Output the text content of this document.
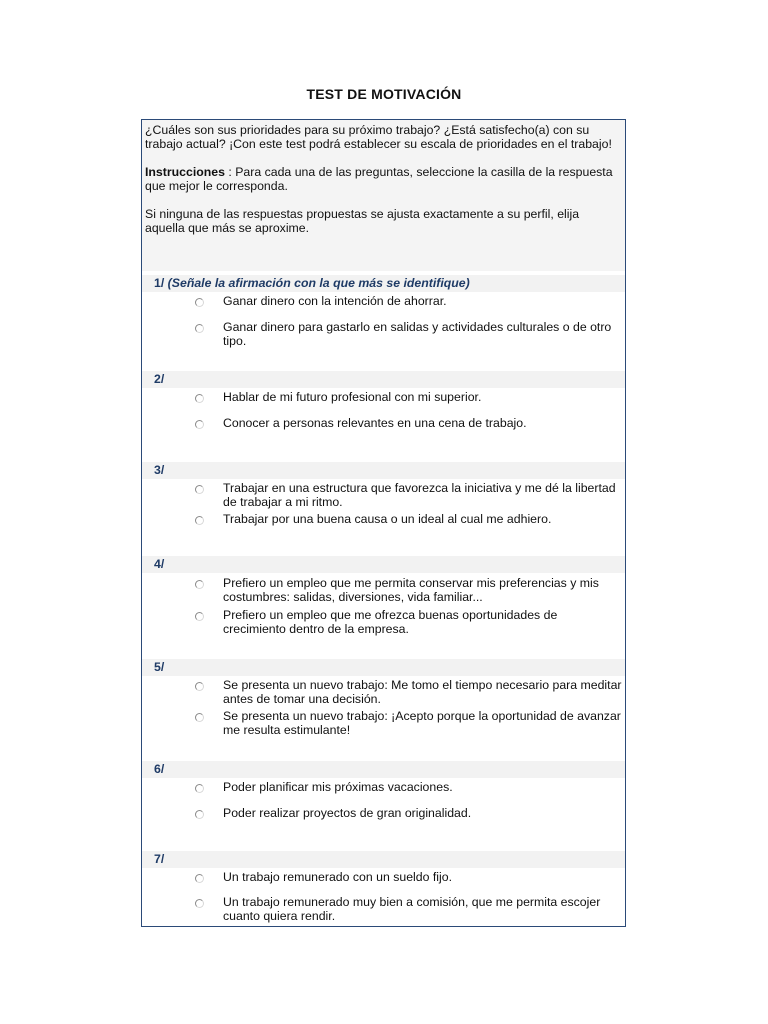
TEST DE MOTIVACIÓN

¿Cuáles son sus prioridades para su próximo trabajo? ¿Está satisfecho(a) con su trabajo actual? ¡Con este test podrá establecer su escala de prioridades en el trabajo!

Instrucciones : Para cada una de las preguntas, seleccione la casilla de la respuesta que mejor le corresponda.

Si ninguna de las respuestas propuestas se ajusta exactamente a su perfil, elija aquella que más se aproxime.

1/ (Señale la afirmación con la que más se identifique)
Ganar dinero con la intención de ahorrar.
Ganar dinero para gastarlo en salidas y actividades culturales o de otro tipo.
2/
Hablar de mi futuro profesional con mi superior.
Conocer a personas relevantes en una cena de trabajo.
3/
Trabajar en una estructura que favorezca la iniciativa y me dé la libertad de trabajar a mi ritmo.
Trabajar por una buena causa o un ideal al cual me adhiero.
4/
Prefiero un empleo que me permita conservar mis preferencias y mis costumbres: salidas, diversiones, vida familiar...
Prefiero un empleo que me ofrezca buenas oportunidades de crecimiento dentro de la empresa.
5/
Se presenta un nuevo trabajo: Me tomo el tiempo necesario para meditar antes de tomar una decisión.
Se presenta un nuevo trabajo: ¡Acepto porque la oportunidad de avanzar me resulta estimulante!
6/
Poder planificar mis próximas vacaciones.
Poder realizar proyectos de gran originalidad.
7/
Un trabajo remunerado con un sueldo fijo.
Un trabajo remunerado muy bien a comisión, que me permita escojer cuanto quiera rendir.
